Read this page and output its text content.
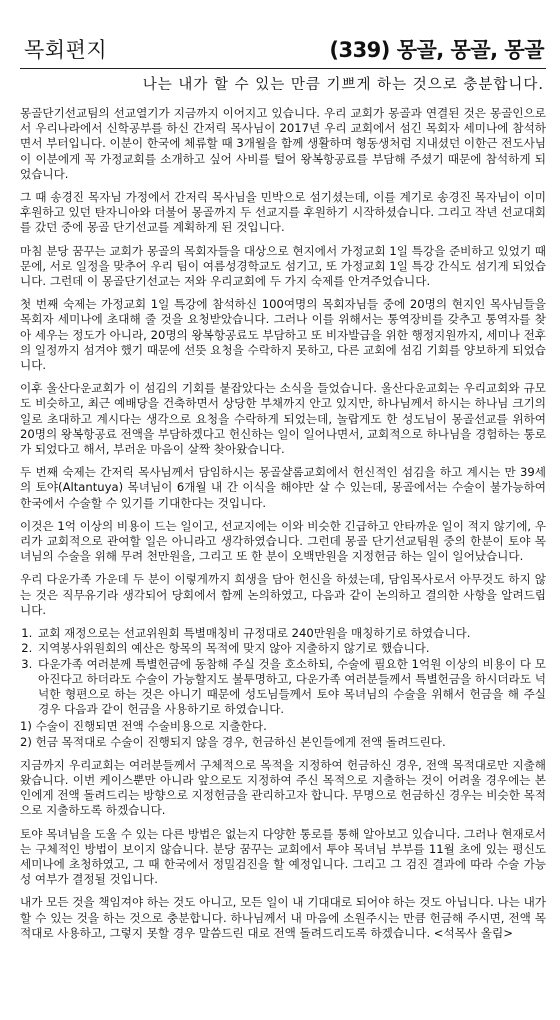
목회편지	(339) 몽골, 몽골, 몽골
나는 내가 할 수 있는 만큼 기쁘게 하는 것으로 충분합니다.

몽골단기선교팀의 선교열기가 지금까지 이어지고 있습니다. 우리 교회가 몽골과 연결된 것은 몽골인으로서 우리나라에서 신학공부를 하신 간저릭 목사님이 2017년 우리 교회에서 섬긴 목회자 세미나에 참석하면서 부터입니다. 이분이 한국에 체류할 때 3개월을 함께 생활하며 형동생처럼 지내셨던 이한근 전도사님이 이분에게 꼭 가정교회를 소개하고 싶어 사비를 털어 왕복항공료를 부담해 주셨기 때문에 참석하게 되었습니다.

그 때 송경진 목자님 가정에서 간저릭 목사님을 민박으로 섬기셨는데, 이를 계기로 송경진 목자님이 이미 후원하고 있던 탄자니아와 더불어 몽골까지 두 선교지를 후원하기 시작하셨습니다. 그리고 작년 선교대회를 갔던 중에 몽골 단기선교를 계획하게 된 것입니다.

마침 분당 꿈꾸는 교회가 몽골의 목회자들을 대상으로 현지에서 가정교회 1일 특강을 준비하고 있었기 때문에, 서로 일정을 맞추어 우리 팀이 여름성경학교도 섬기고, 또 가정교회 1일 특강 간식도 섬기게 되었습니다. 그런데 이 몽골단기선교는 저와 우리교회에 두 가지 숙제를 안겨주었습니다.

첫 번째 숙제는 가정교회 1일 특강에 참석하신 100여명의 목회자님들 중에 20명의 현지인 목사님들을 목회자 세미나에 초대해 줄 것을 요청받았습니다. 그러나 이를 위해서는 통역장비를 갖추고 통역자를 찾아 세우는 정도가 아니라, 20명의 왕복항공료도 부담하고 또 비자발급을 위한 행정지원까지, 세미나 전후의 일정까지 섬겨야 했기 때문에 선뜻 요청을 수락하지 못하고, 다른 교회에 섬김 기회를 양보하게 되었습니다.

이후 울산다운교회가 이 섬김의 기회를 붙잡았다는 소식을 들었습니다. 울산다운교회는 우리교회와 규모도 비슷하고, 최근 예배당을 건축하면서 상당한 부채까지 안고 있지만, 하나님께서 하시는 하나님 크기의 일로 초대하고 계시다는 생각으로 요청을 수락하게 되었는데, 놀랍게도 한 성도님이 몽골선교를 위하여 20명의 왕복항공료 전액을 부담하겠다고 헌신하는 일이 일어나면서, 교회적으로 하나님을 경험하는 통로가 되었다고 해서, 부러운 마음이 살짝 찾아왔습니다.

두 번째 숙제는 간저릭 목사님께서 담임하시는 몽골샬롬교회에서 헌신적인 섬김을 하고 계시는 만 39세의 토야(Altantuya) 목녀님이 6개월 내 간 이식을 해야만 살 수 있는데, 몽골에서는 수술이 불가능하여 한국에서 수술할 수 있기를 기대한다는 것입니다.

이것은 1억 이상의 비용이 드는 일이고, 선교지에는 이와 비슷한 긴급하고 안타까운 일이 적지 않기에, 우리가 교회적으로 관여할 일은 아니라고 생각하였습니다. 그런데 몽골 단기선교팀원 중의 한분이 토야 목녀님의 수술을 위해 무려 천만원을, 그리고 또 한 분이 오백만원을 지정헌금 하는 일이 일어났습니다.

우리 다운가족 가운데 두 분이 이렇게까지 희생을 담아 헌신을 하셨는데, 담임목사로서 아무것도 하지 않는 것은 직무유기라 생각되어 당회에서 함께 논의하였고, 다음과 같이 논의하고 결의한 사항을 알려드립니다.

1. 교회 재정으로는 선교위원회 특별매칭비 규정대로 240만원을 매칭하기로 하였습니다.
2. 지역봉사위원회의 예산은 항목의 목적에 맞지 않아 지출하지 않기로 했습니다.
3. 다운가족 여러분께 특별헌금에 동참해 주실 것을 호소하되, 수술에 필요한 1억원 이상의 비용이 다 모아진다고 하더라도 수술이 가능할지도 불투명하고, 다운가족 여러분들께서 특별헌금을 하시더라도 넉넉한 형편으로 하는 것은 아니기 때문에 성도님들께서 토야 목녀님의 수술을 위해서 헌금을 해 주실 경우 다음과 같이 헌금을 사용하기로 하였습니다.
1) 수술이 진행되면 전액 수술비용으로 지출한다.
2) 헌금 목적대로 수술이 진행되지 않을 경우, 헌금하신 본인들에게 전액 돌려드린다.

지금까지 우리교회는 여러분들께서 구체적으로 목적을 지정하여 헌금하신 경우, 전액 목적대로만 지출해 왔습니다. 이번 케이스뿐만 아니라 앞으로도 지정하여 주신 목적으로 지출하는 것이 어려울 경우에는 본인에게 전액 돌려드리는 방향으로 지정헌금을 관리하고자 합니다. 무명으로 헌금하신 경우는 비슷한 목적으로 지출하도록 하겠습니다.

토야 목녀님을 도울 수 있는 다른 방법은 없는지 다양한 통로를 통해 알아보고 있습니다. 그러나 현재로서는 구체적인 방법이 보이지 않습니다. 분당 꿈꾸는 교회에서 투야 목녀님 부부를 11월 초에 있는 평신도 세미나에 초청하였고, 그 때 한국에서 정밀검진을 할 예정입니다. 그리고 그 검진 결과에 따라 수술 가능성 여부가 결정될 것입니다.

내가 모든 것을 책임져야 하는 것도 아니고, 모든 일이 내 기대대로 되어야 하는 것도 아닙니다. 나는 내가 할 수 있는 것을 하는 것으로 충분합니다. 하나님께서 내 마음에 소원주시는 만큼 헌금해 주시면, 전액 목적대로 사용하고, 그렇지 못할 경우 말씀드린 대로 전액 돌려드리도록 하겠습니다. <석목사 올림>
